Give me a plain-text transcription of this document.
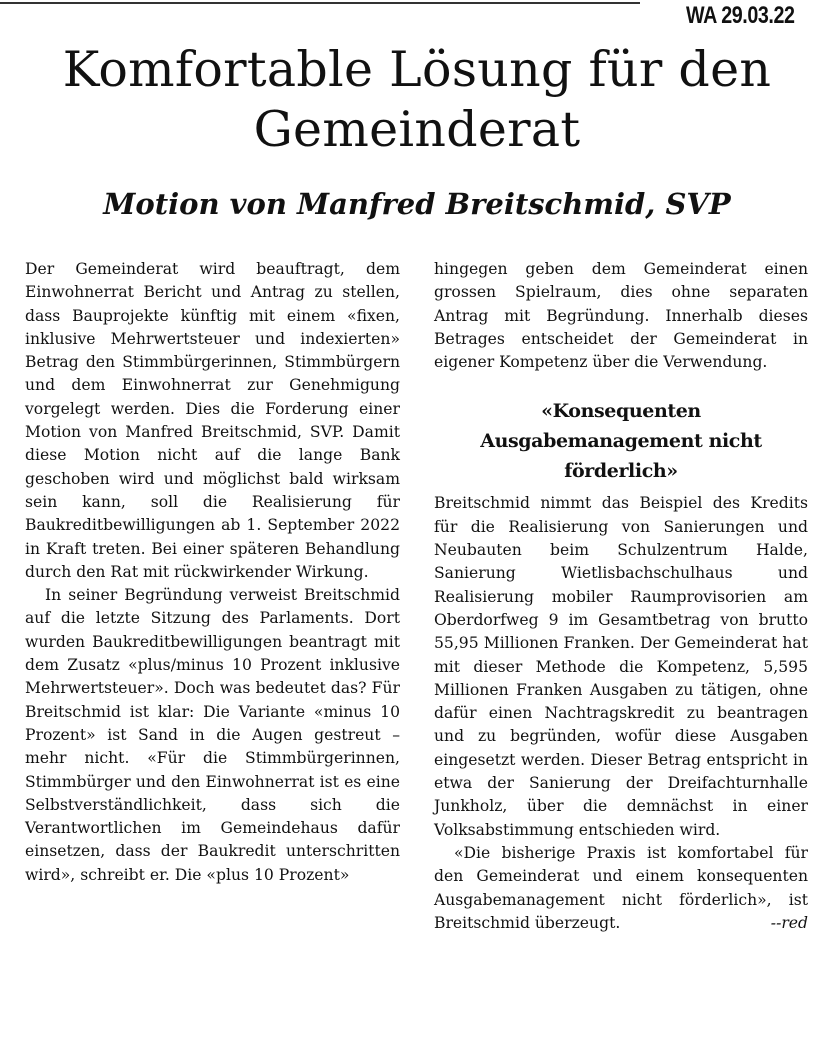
WA 29.03.22
Komfortable Lösung für den Gemeinderat
Motion von Manfred Breitschmid, SVP

Der Gemeinderat wird beauftragt, dem Einwohnerrat Bericht und Antrag zu stellen, dass Bauprojekte künftig mit einem «fixen, inklusive Mehrwertsteuer und indexierten» Betrag den Stimmbürgerinnen, Stimmbürgern und dem Einwohnerrat zur Genehmigung vorgelegt werden. Dies die Forderung einer Motion von Manfred Breitschmid, SVP. Damit diese Motion nicht auf die lange Bank geschoben wird und möglichst bald wirksam sein kann, soll die Realisierung für Baukreditbewilligungen ab 1. September 2022 in Kraft treten. Bei einer späteren Behandlung durch den Rat mit rückwirkender Wirkung.

In seiner Begründung verweist Breitschmid auf die letzte Sitzung des Parlaments. Dort wurden Baukreditbewilligungen beantragt mit dem Zusatz «plus/minus 10 Prozent inklusive Mehrwertsteuer». Doch was bedeutet das? Für Breitschmid ist klar: Die Variante «minus 10 Prozent» ist Sand in die Augen gestreut – mehr nicht. «Für die Stimmbürgerinnen, Stimmbürger und den Einwohnerrat ist es eine Selbstverständlichkeit, dass sich die Verantwortlichen im Gemeindehaus dafür einsetzen, dass der Baukredit unterschritten wird», schreibt er. Die «plus 10 Prozent»

hingegen geben dem Gemeinderat einen grossen Spielraum, dies ohne separaten Antrag mit Begründung. Innerhalb dieses Betrages entscheidet der Gemeinderat in eigener Kompetenz über die Verwendung.

«Konsequenten Ausgabemanagement nicht förderlich»

Breitschmid nimmt das Beispiel des Kredits für die Realisierung von Sanierungen und Neubauten beim Schulzentrum Halde, Sanierung Wietlisbachschulhaus und Realisierung mobiler Raumprovisorien am Oberdorfweg 9 im Gesamtbetrag von brutto 55,95 Millionen Franken. Der Gemeinderat hat mit dieser Methode die Kompetenz, 5,595 Millionen Franken Ausgaben zu tätigen, ohne dafür einen Nachtragskredit zu beantragen und zu begründen, wofür diese Ausgaben eingesetzt werden. Dieser Betrag entspricht in etwa der Sanierung der Dreifachturnhalle Junkholz, über die demnächst in einer Volksabstimmung entschieden wird.

«Die bisherige Praxis ist komfortabel für den Gemeinderat und einem konsequenten Ausgabemanagement nicht förderlich», ist Breitschmid überzeugt.	--red
